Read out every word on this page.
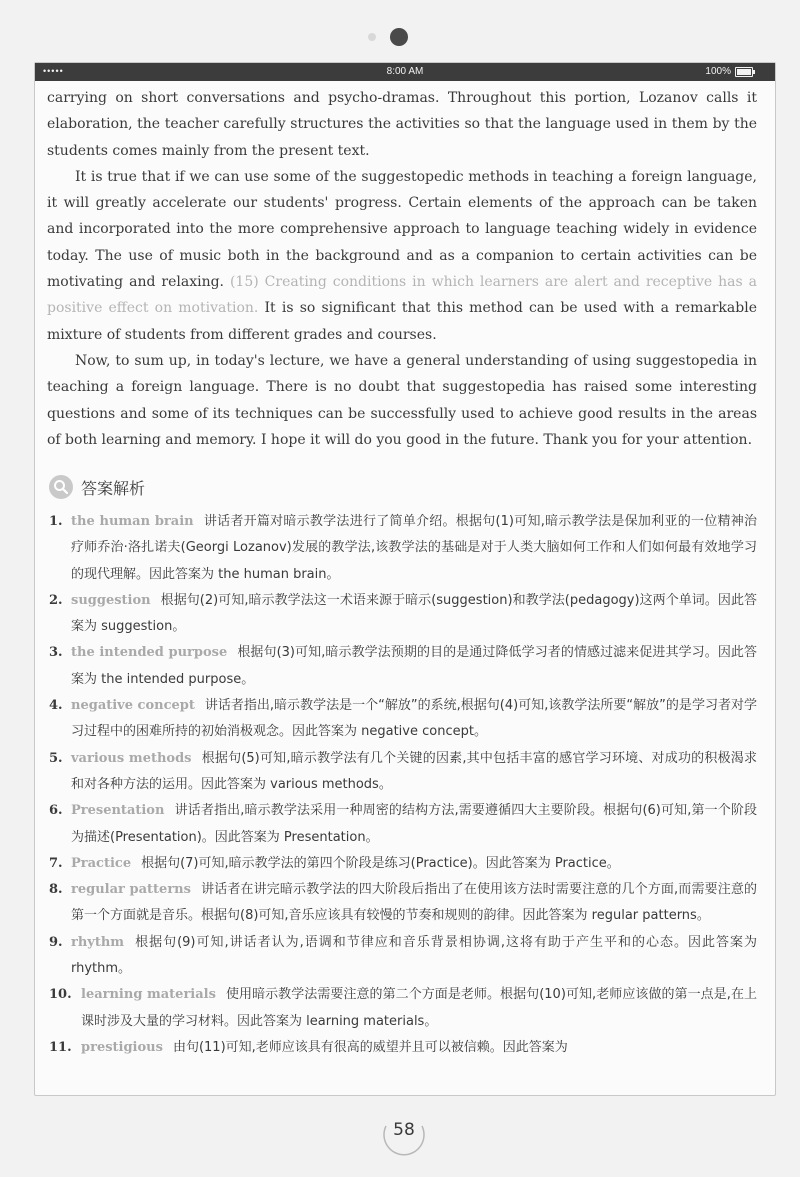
•••••	8:00 AM	100%

carrying on short conversations and psycho-dramas. Throughout this portion, Lozanov calls it elaboration, the teacher carefully structures the activities so that the language used in them by the students comes mainly from the present text.

It is true that if we can use some of the suggestopedic methods in teaching a foreign language, it will greatly accelerate our students' progress. Certain elements of the approach can be taken and incorporated into the more comprehensive approach to language teaching widely in evidence today. The use of music both in the background and as a companion to certain activities can be motivating and relaxing. (15) Creating conditions in which learners are alert and receptive has a positive effect on motivation. It is so significant that this method can be used with a remarkable mixture of students from different grades and courses.

Now, to sum up, in today's lecture, we have a general understanding of using suggestopedia in teaching a foreign language. There is no doubt that suggestopedia has raised some interesting questions and some of its techniques can be successfully used to achieve good results in the areas of both learning and memory. I hope it will do you good in the future. Thank you for your attention.

答案解析
1. the human brain 讲话者开篇对暗示教学法进行了简单介绍。根据句(1)可知,暗示教学法是保加利亚的一位精神治疗师乔治·洛扎诺夫(Georgi Lozanov)发展的教学法,该教学法的基础是对于人类大脑如何工作和人们如何最有效地学习的现代理解。因此答案为 the human brain。
2. suggestion 根据句(2)可知,暗示教学法这一术语来源于暗示(suggestion)和教学法(pedagogy)这两个单词。因此答案为 suggestion。
3. the intended purpose 根据句(3)可知,暗示教学法预期的目的是通过降低学习者的情感过滤来促进其学习。因此答案为 the intended purpose。
4. negative concept 讲话者指出,暗示教学法是一个“解放”的系统,根据句(4)可知,该教学法所要“解放”的是学习者对学习过程中的困难所持的初始消极观念。因此答案为 negative concept。
5. various methods 根据句(5)可知,暗示教学法有几个关键的因素,其中包括丰富的感官学习环境、对成功的积极渴求和对各种方法的运用。因此答案为 various methods。
6. Presentation 讲话者指出,暗示教学法采用一种周密的结构方法,需要遵循四大主要阶段。根据句(6)可知,第一个阶段为描述(Presentation)。因此答案为 Presentation。
7. Practice 根据句(7)可知,暗示教学法的第四个阶段是练习(Practice)。因此答案为 Practice。
8. regular patterns 讲话者在讲完暗示教学法的四大阶段后指出了在使用该方法时需要注意的几个方面,而需要注意的第一个方面就是音乐。根据句(8)可知,音乐应该具有较慢的节奏和规则的韵律。因此答案为 regular patterns。
9. rhythm 根据句(9)可知,讲话者认为,语调和节律应和音乐背景相协调,这将有助于产生平和的心态。因此答案为 rhythm。
10. learning materials 使用暗示教学法需要注意的第二个方面是老师。根据句(10)可知,老师应该做的第一点是,在上课时涉及大量的学习材料。因此答案为 learning materials。
11. prestigious 由句(11)可知,老师应该具有很高的威望并且可以被信赖。因此答案为
58
